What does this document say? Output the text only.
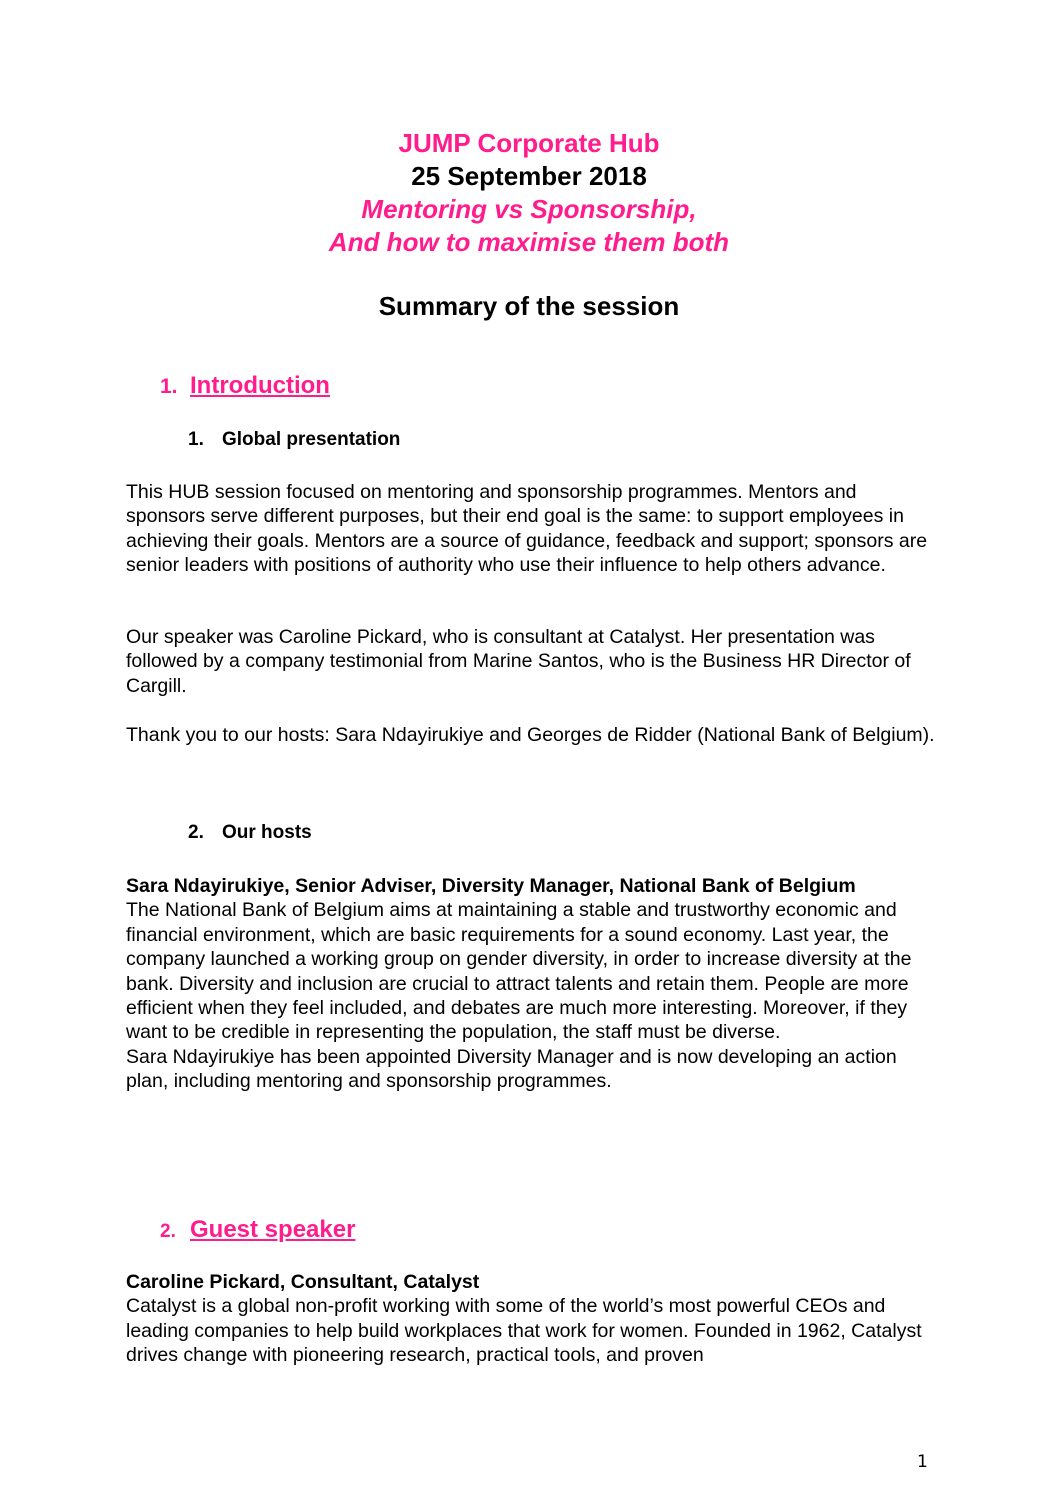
JUMP Corporate Hub
25 September 2018
Mentoring vs Sponsorship,
And how to maximise them both
Summary of the session
1. Introduction
1. Global presentation

This HUB session focused on mentoring and sponsorship programmes. Mentors and sponsors serve different purposes, but their end goal is the same: to support employees in achieving their goals. Mentors are a source of guidance, feedback and support; sponsors are senior leaders with positions of authority who use their influence to help others advance.

Our speaker was Caroline Pickard, who is consultant at Catalyst. Her presentation was followed by a company testimonial from Marine Santos, who is the Business HR Director of Cargill.

Thank you to our hosts: Sara Ndayirukiye and Georges de Ridder (National Bank of Belgium).

2. Our hosts

Sara Ndayirukiye, Senior Adviser, Diversity Manager, National Bank of Belgium

The National Bank of Belgium aims at maintaining a stable and trustworthy economic and financial environment, which are basic requirements for a sound economy. Last year, the company launched a working group on gender diversity, in order to increase diversity at the bank. Diversity and inclusion are crucial to attract talents and retain them. People are more efficient when they feel included, and debates are much more interesting. Moreover, if they want to be credible in representing the population, the staff must be diverse.

Sara Ndayirukiye has been appointed Diversity Manager and is now developing an action plan, including mentoring and sponsorship programmes.

2. Guest speaker

Caroline Pickard, Consultant, Catalyst

Catalyst is a global non-profit working with some of the world’s most powerful CEOs and leading companies to help build workplaces that work for women. Founded in 1962, Catalyst drives change with pioneering research, practical tools, and proven

1
